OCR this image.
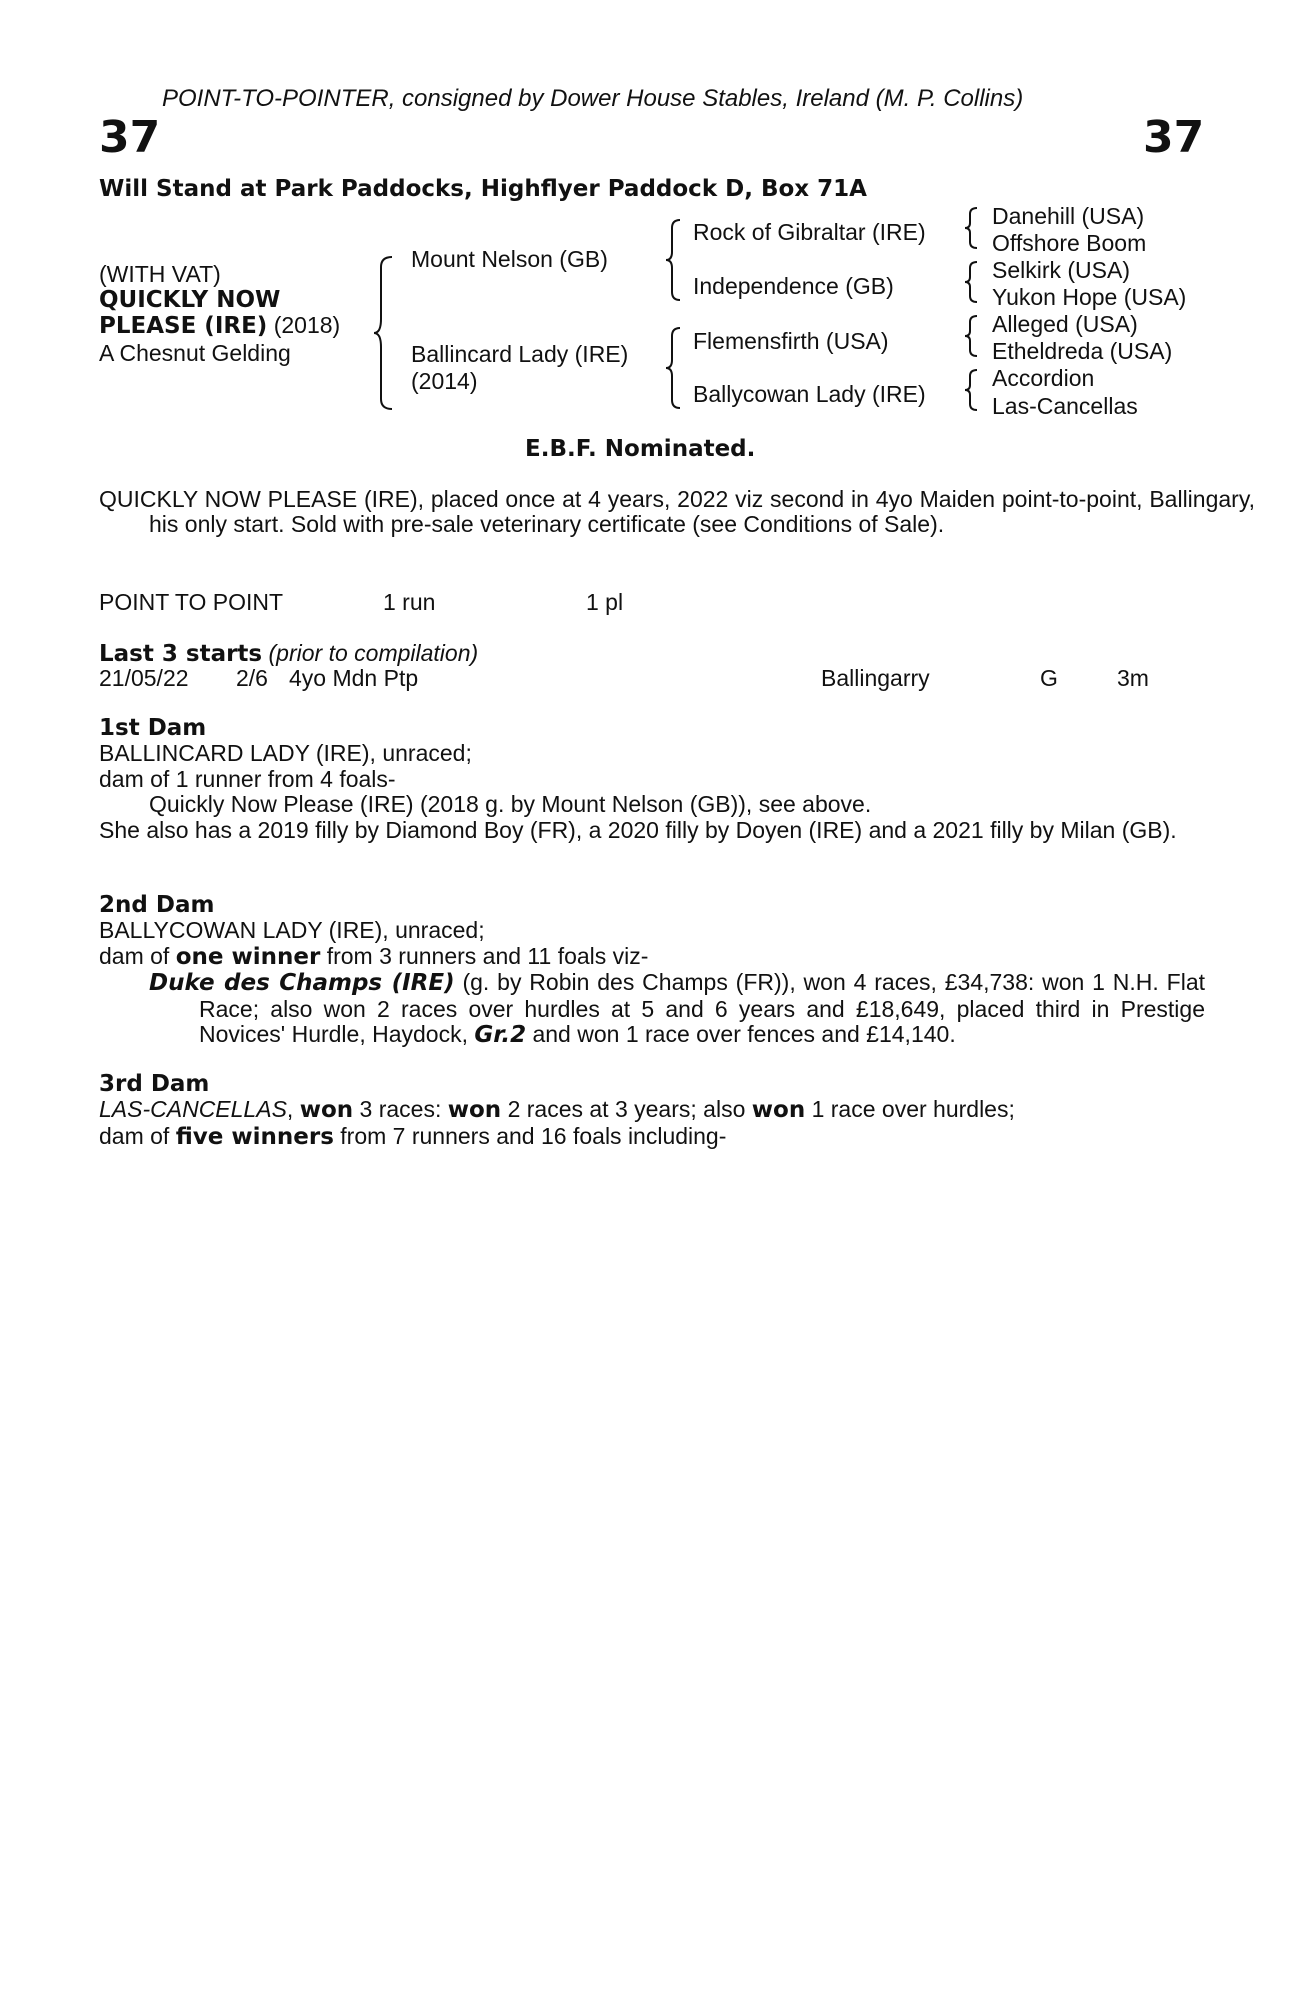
POINT-TO-POINTER, consigned by Dower House Stables, Ireland (M. P. Collins)
37	37
Will Stand at Park Paddocks, Highflyer Paddock D, Box 71A
(WITH VAT)
QUICKLY NOW
PLEASE (IRE) (2018)
A Chesnut Gelding
Mount Nelson (GB)
Ballincard Lady (IRE)
(2014)
Rock of Gibraltar (IRE)
Independence (GB)
Flemensfirth (USA)
Ballycowan Lady (IRE)
Danehill (USA)
Offshore Boom
Selkirk (USA)
Yukon Hope (USA)
Alleged (USA)
Etheldreda (USA)
Accordion
Las-Cancellas
E.B.F. Nominated.

QUICKLY NOW PLEASE (IRE), placed once at 4 years, 2022 viz second in 4yo Maiden point-to-point, Ballingary, his only start. Sold with pre-sale veterinary certificate (see Conditions of Sale).

POINT TO POINT	1 run	1 pl
Last 3 starts (prior to compilation)
21/05/22 2/6 4yo Mdn Ptp	Ballingarry	G	3m

1st Dam

BALLINCARD LADY (IRE), unraced;

dam of 1 runner from 4 foals-

Quickly Now Please (IRE) (2018 g. by Mount Nelson (GB)), see above.

She also has a 2019 filly by Diamond Boy (FR), a 2020 filly by Doyen (IRE) and a 2021 filly by Milan (GB).

2nd Dam

BALLYCOWAN LADY (IRE), unraced;

dam of one winner from 3 runners and 11 foals viz-

Duke des Champs (IRE) (g. by Robin des Champs (FR)), won 4 races, £34,738: won 1 N.H. Flat Race; also won 2 races over hurdles at 5 and 6 years and £18,649, placed third in Prestige Novices' Hurdle, Haydock, Gr.2 and won 1 race over fences and £14,140.

3rd Dam

LAS-CANCELLAS, won 3 races: won 2 races at 3 years; also won 1 race over hurdles;

dam of five winners from 7 runners and 16 foals including-
